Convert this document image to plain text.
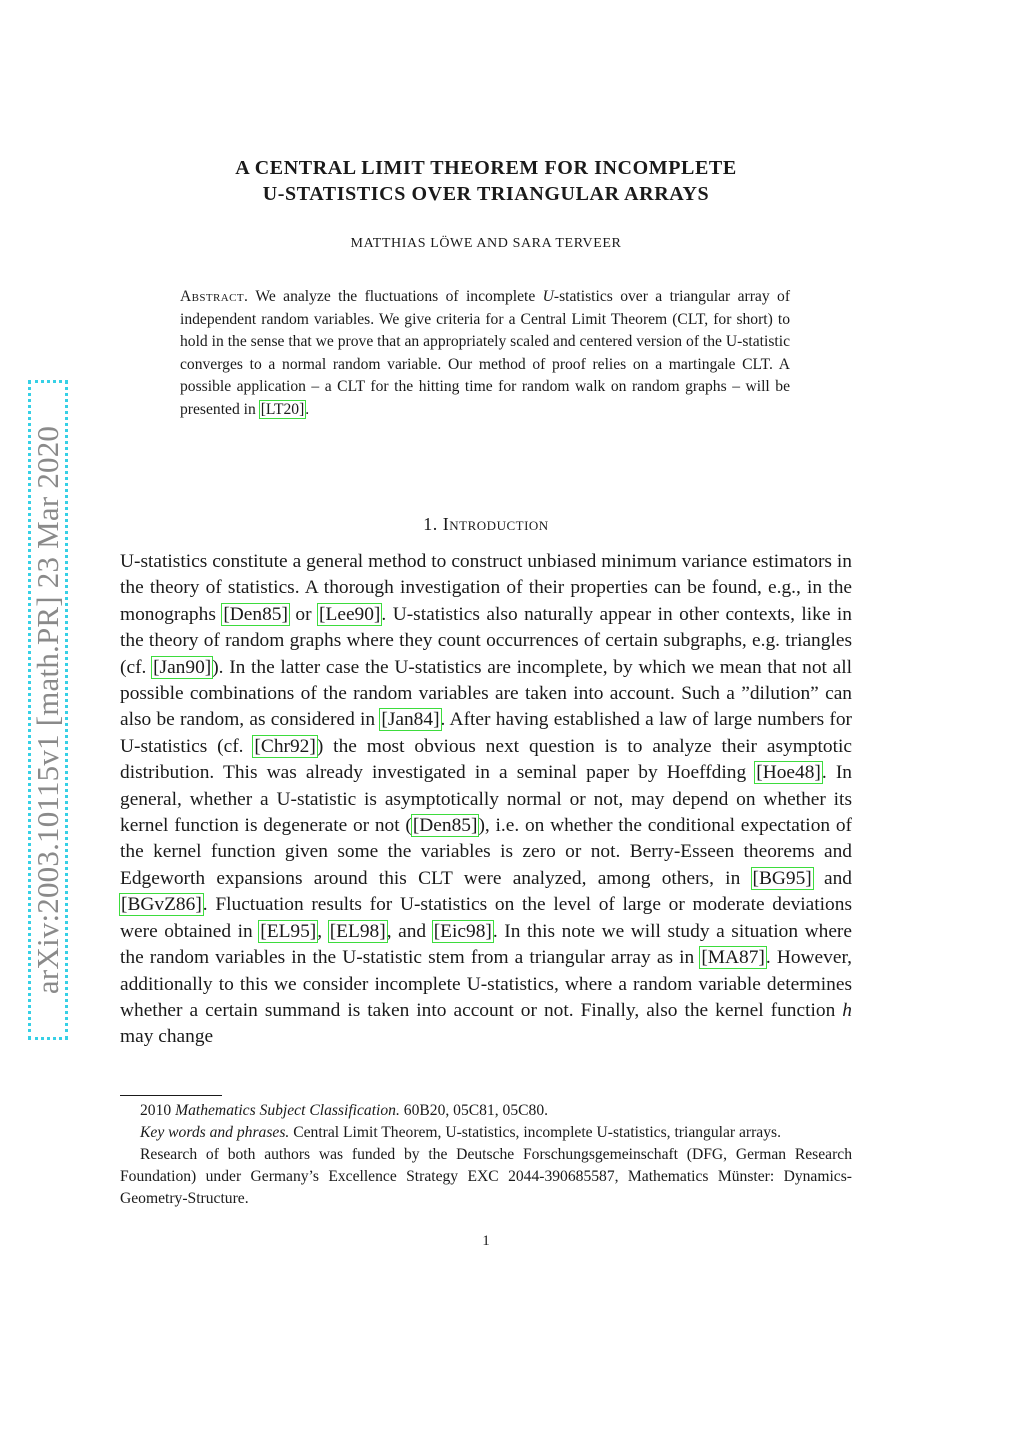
arXiv:2003.10115v1 [math.PR] 23 Mar 2020
A CENTRAL LIMIT THEOREM FOR INCOMPLETE
U-STATISTICS OVER TRIANGULAR ARRAYS
MATTHIAS LÖWE AND SARA TERVEER
Abstract. We analyze the fluctuations of incomplete U-statistics over a triangular array of independent random variables. We give criteria for a Central Limit Theorem (CLT, for short) to hold in the sense that we prove that an appropriately scaled and centered version of the U-statistic converges to a normal random variable. Our method of proof relies on a martingale CLT. A possible application – a CLT for the hitting time for random walk on random graphs – will be presented in [LT20].
1. Introduction
U-statistics constitute a general method to construct unbiased minimum variance estimators in the theory of statistics. A thorough investigation of their properties can be found, e.g., in the monographs [Den85] or [Lee90]. U-statistics also naturally appear in other contexts, like in the theory of random graphs where they count occurrences of certain subgraphs, e.g. triangles (cf. [Jan90]). In the latter case the U-statistics are incomplete, by which we mean that not all possible combinations of the random variables are taken into account. Such a ”dilution” can also be random, as considered in [Jan84]. After having established a law of large numbers for U-statistics (cf. [Chr92]) the most obvious next question is to analyze their asymptotic distribution. This was already investigated in a seminal paper by Hoeffding [Hoe48]. In general, whether a U-statistic is asymptotically normal or not, may depend on whether its kernel function is degenerate or not ([Den85]), i.e. on whether the conditional expectation of the kernel function given some the variables is zero or not. Berry-Esseen theorems and Edgeworth expansions around this CLT were analyzed, among others, in [BG95] and [BGvZ86]. Fluctuation results for U-statistics on the level of large or moderate deviations were obtained in [EL95], [EL98], and [Eic98]. In this note we will study a situation where the random variables in the U-statistic stem from a triangular array as in [MA87]. However, additionally to this we consider incomplete U-statistics, where a random variable determines whether a certain summand is taken into account or not. Finally, also the kernel function h may change

2010 Mathematics Subject Classification. 60B20, 05C81, 05C80.

Key words and phrases. Central Limit Theorem, U-statistics, incomplete U-statistics, triangular arrays.

Research of both authors was funded by the Deutsche Forschungsgemeinschaft (DFG, German Research Foundation) under Germany’s Excellence Strategy EXC 2044-390685587, Mathematics Münster: Dynamics-Geometry-Structure.

1
